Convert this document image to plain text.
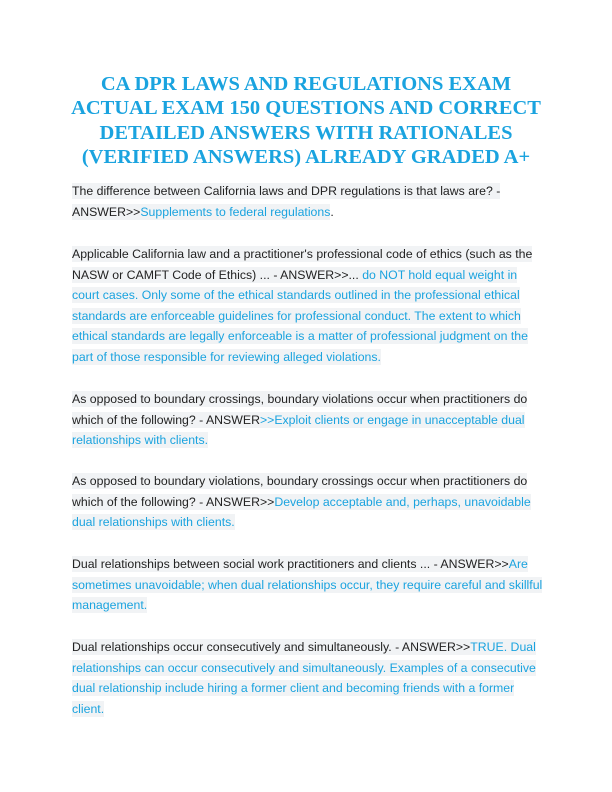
CA DPR LAWS AND REGULATIONS EXAM ACTUAL EXAM 150 QUESTIONS AND CORRECT DETAILED ANSWERS WITH RATIONALES (VERIFIED ANSWERS) ALREADY GRADED A+

The difference between California laws and DPR regulations is that laws are? - ANSWER>>Supplements to federal regulations.

Applicable California law and a practitioner's professional code of ethics (such as the NASW or CAMFT Code of Ethics) ... - ANSWER>>... do NOT hold equal weight in court cases. Only some of the ethical standards outlined in the professional ethical standards are enforceable guidelines for professional conduct. The extent to which ethical standards are legally enforceable is a matter of professional judgment on the part of those responsible for reviewing alleged violations.

As opposed to boundary crossings, boundary violations occur when practitioners do which of the following? - ANSWER>>Exploit clients or engage in unacceptable dual relationships with clients.

As opposed to boundary violations, boundary crossings occur when practitioners do which of the following? - ANSWER>>Develop acceptable and, perhaps, unavoidable dual relationships with clients.

Dual relationships between social work practitioners and clients ... - ANSWER>>Are sometimes unavoidable; when dual relationships occur, they require careful and skillful management.

Dual relationships occur consecutively and simultaneously. - ANSWER>>TRUE. Dual relationships can occur consecutively and simultaneously. Examples of a consecutive dual relationship include hiring a former client and becoming friends with a former client.
